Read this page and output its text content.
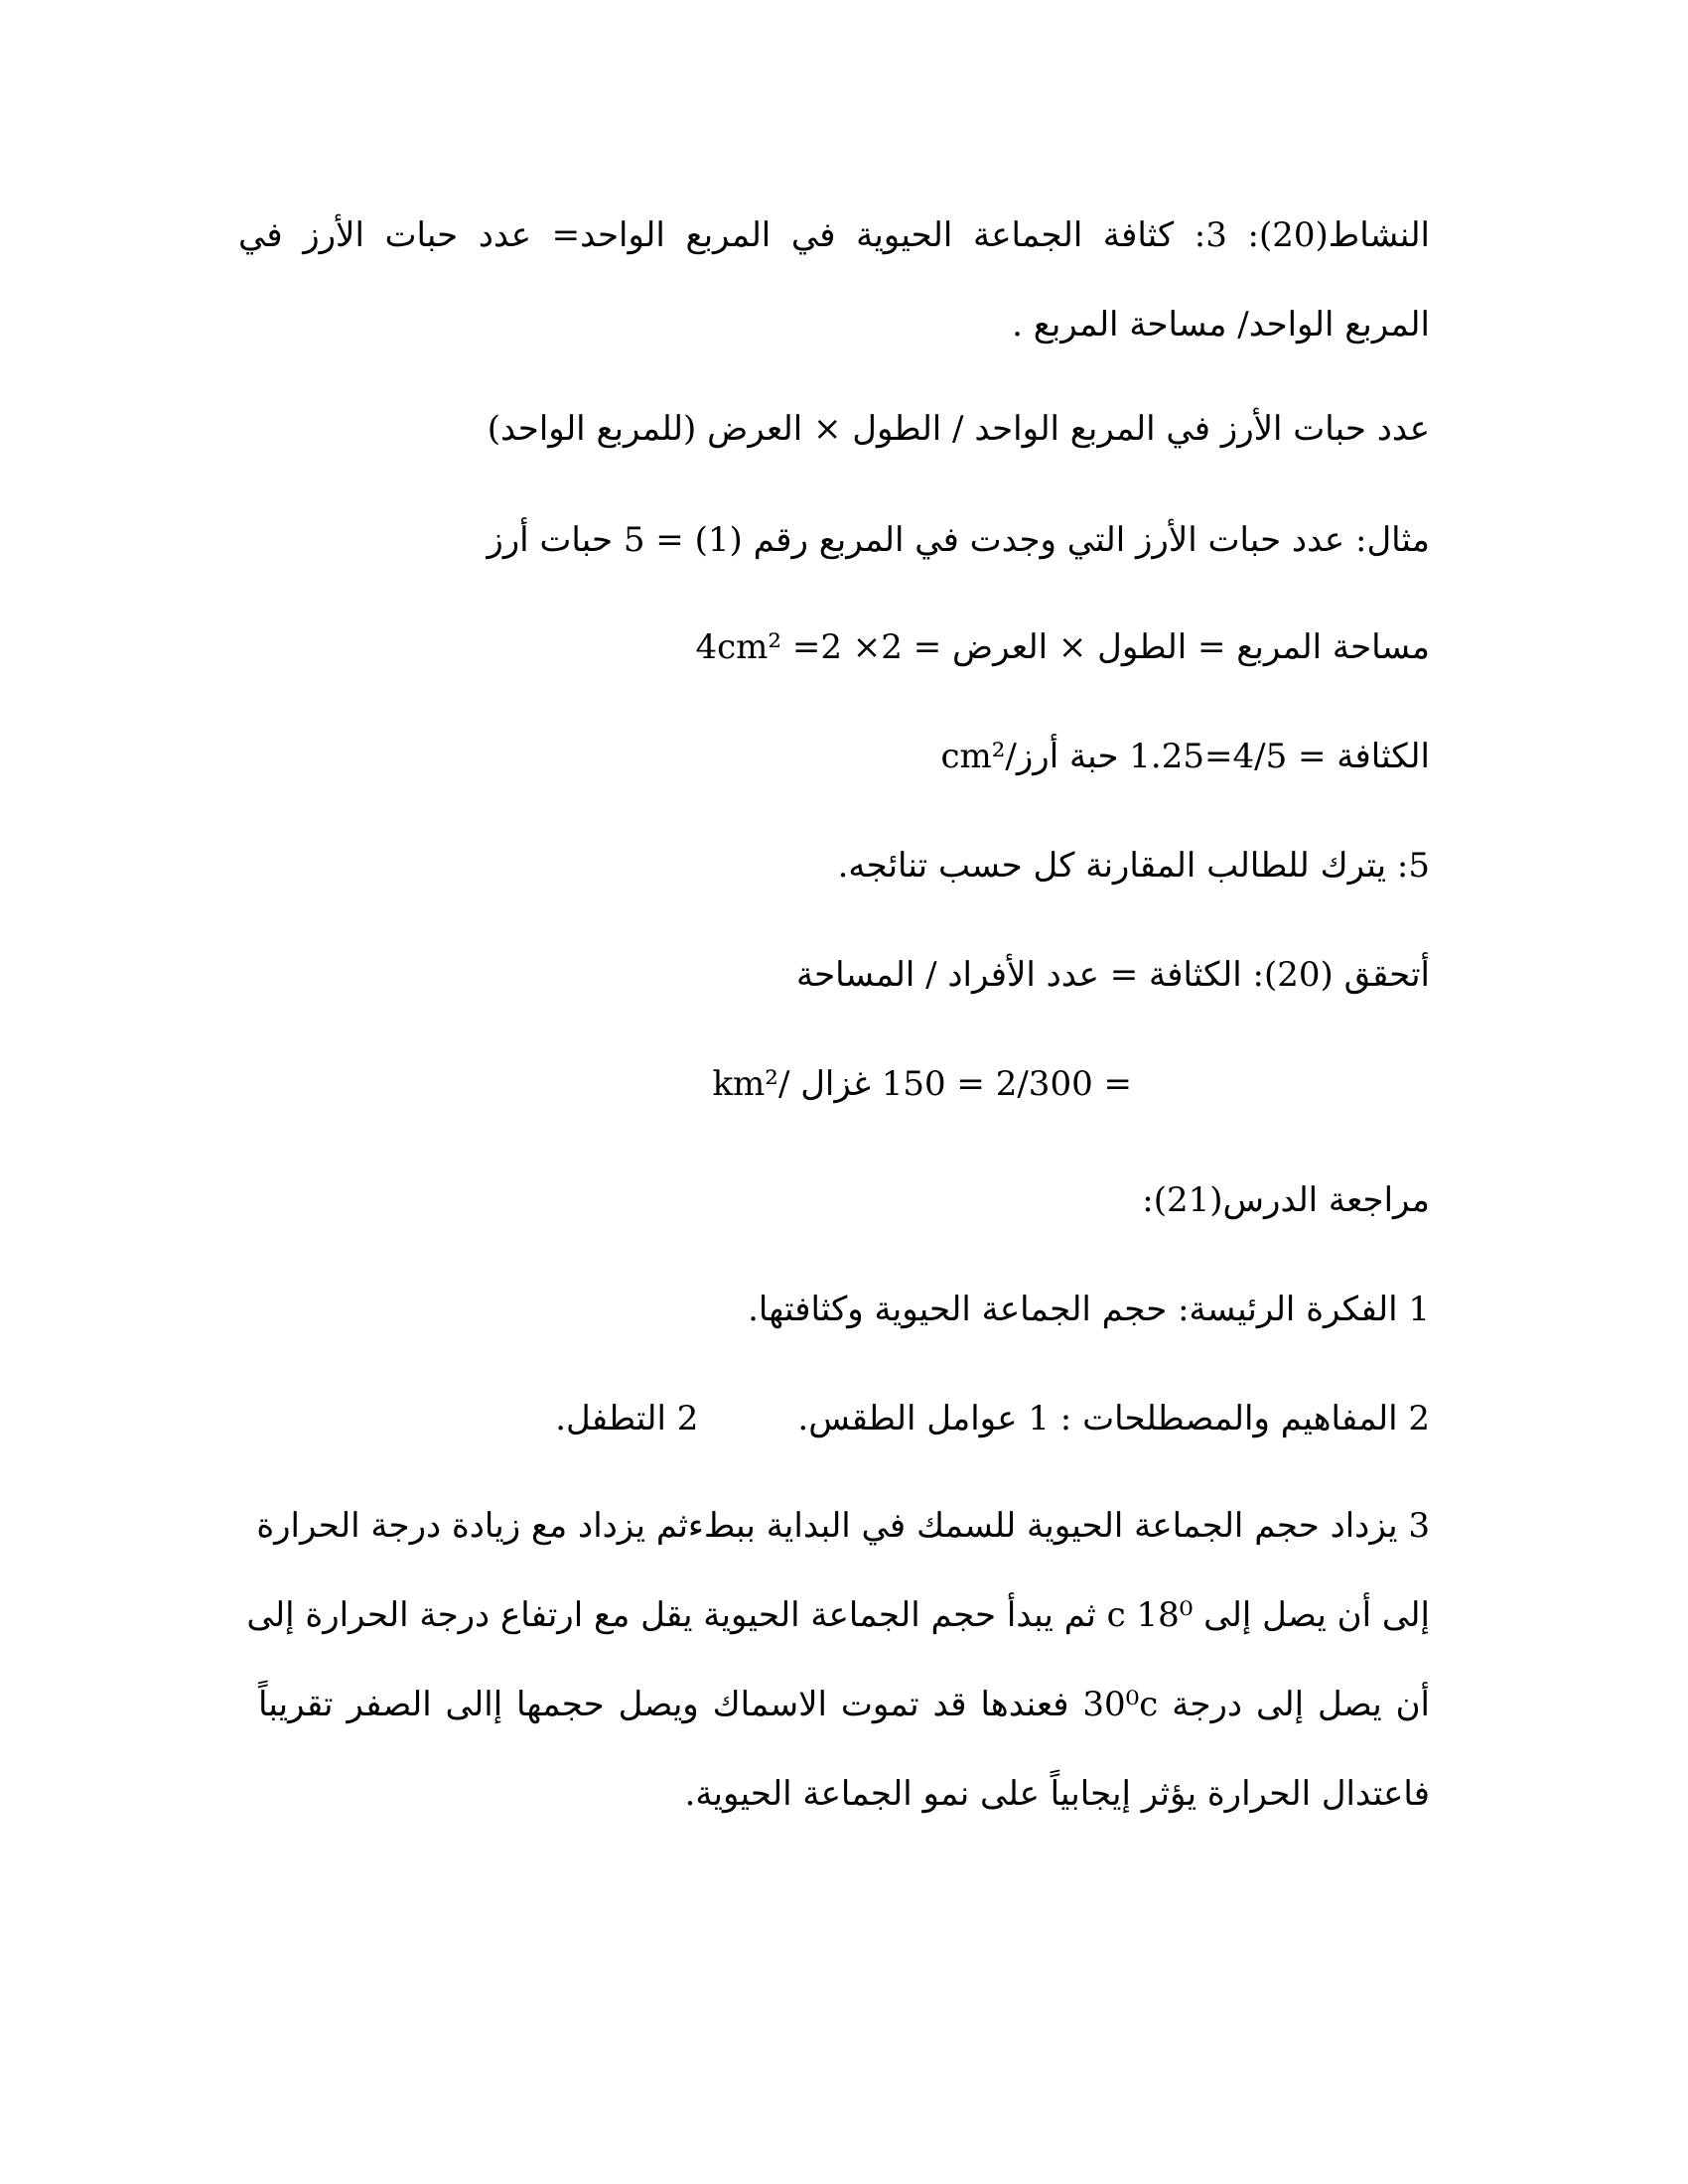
النشاط(20): 3: كثافة الجماعة الحيوية في المربع الواحد= عدد حبات الأرز في
المربع الواحد/ مساحة المربع .
عدد حبات الأرز في المربع الواحد / الطول × العرض (للمربع الواحد)
مثال: عدد حبات الأرز التي وجدت في المربع رقم (1) = 5 حبات أرز
مساحة المربع = الطول × العرض = 2× 2= 4cm²
الكثافة = 4/5=1.25 حبة أرز/cm²
5: يترك للطالب المقارنة كل حسب تنائجه.
أتحقق (20): الكثافة = عدد الأفراد / المساحة
= 2/300 = 150 غزال /km²
مراجعة الدرس(21):
1 الفكرة الرئيسة: حجم الجماعة الحيوية وكثافتها.
2 المفاهيم والمصطلحات : 1 عوامل الطقس.2 التطفل.
3 يزداد حجم الجماعة الحيوية للسمك في البداية ببطءثم يزداد مع زيادة درجة الحرارة
إلى أن يصل إلى 18⁰ c ثم يبدأ حجم الجماعة الحيوية يقل مع ارتفاع درجة الحرارة إلى
أن يصل إلى درجة 30⁰c فعندها قد تموت الاسماك ويصل حجمها إالى الصفر تقريباً
فاعتدال الحرارة يؤثر إيجابياً على نمو الجماعة الحيوية.
